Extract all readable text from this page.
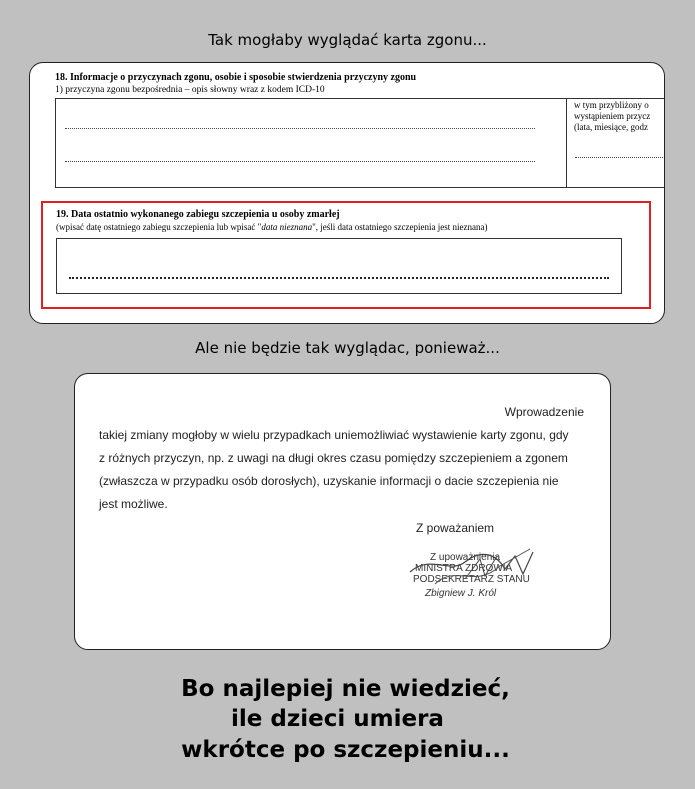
Tak mogłaby wyglądać karta zgonu...
18. Informacje o przyczynach zgonu, osobie i sposobie stwierdzenia przyczyny zgonu
1) przyczyna zgonu bezpośrednia – opis słowny wraz z kodem ICD-10
w tym przybliżony o
wystąpieniem przycz
(lata, miesiące, godz
19. Data ostatnio wykonanego zabiegu szczepienia u osoby zmarłej
(wpisać datę ostatniego zabiegu szczepienia lub wpisać "data nieznana", jeśli data ostatniego szczepienia jest nieznana)
Ale nie będzie tak wyglądac, ponieważ...
Wprowadzenie
takiej zmiany mogłoby w wielu przypadkach uniemożliwiać wystawienie karty zgonu, gdy
z różnych przyczyn, np. z uwagi na długi okres czasu pomiędzy szczepieniem a zgonem
(zwłaszcza w przypadku osób dorosłych), uzyskanie informacji o dacie szczepienia nie
jest możliwe.
Z poważaniem
Z upoważnienia
MINISTRA ZDROWIA
PODSEKRETARZ STANU
Zbigniew J. Król
Bo najlepiej nie wiedzieć,
ile dzieci umiera
wkrótce po szczepieniu...
